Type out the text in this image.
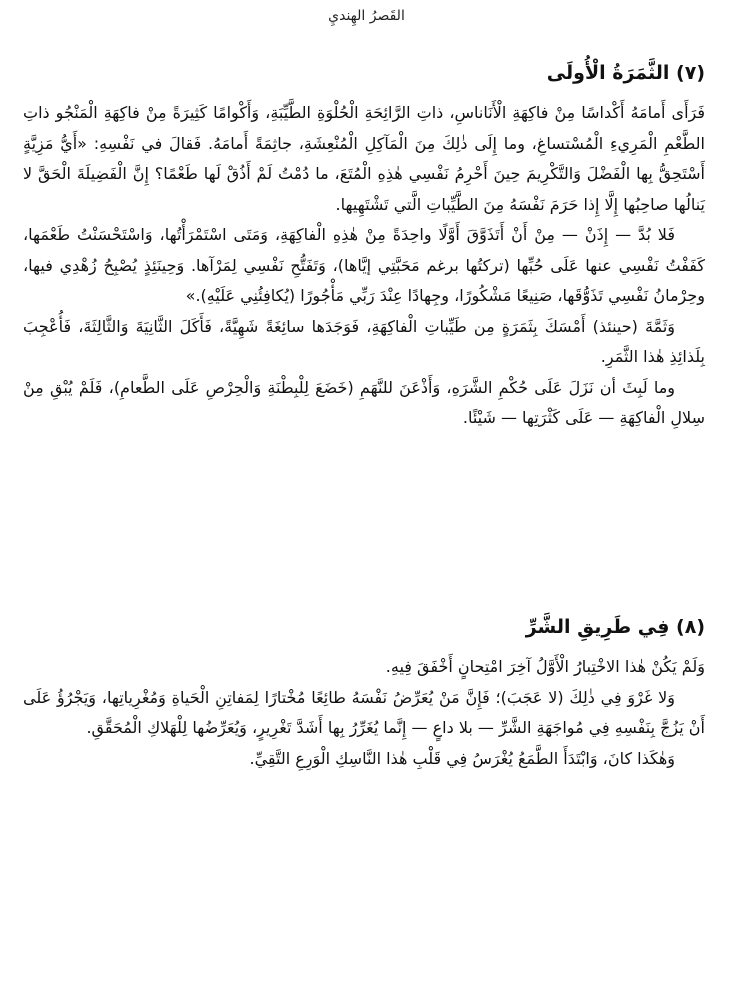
القَصرُ الهِنديِ
(٧) الثَّمَرَةُ الْأُولَى

فَرَأَى أَمامَهُ أَكْداسًا مِنْ فاكِهَةِ الْأَنَاناسِ، ذاتِ الرَّائِحَةِ الْحُلْوَةِ الطَّيِّبَةِ، وَأَكْوامًا كَثِيرَةً مِنْ فاكِهَةِ الْمَنْجُو ذاتِ الطَّعْمِ الْمَرِيءِ الْمُسْتساغِ، وما إِلَى ذٰلِكَ مِنَ الْمَآكِلِ الْمُنْعِشَةِ، جاثِمَةً أَمامَهُ. فَقالَ في نَفْسِهِ: «أَيُّ مَزِيَّةٍ أَسْتَحِقُّ بِها الْفَضْلَ وَالتَّكْرِيمَ حِينَ أَحْرِمُ نَفْسِي هٰذِهِ الْمُتَعَ، ما دُمْتُ لَمْ أَذُقْ لَها طَعْمًا؟ إِنَّ الْفَضِيلَةَ الْحَقَّ لا يَنالُها صاحِبُها إِلَّا إِذا حَرَمَ نَفْسَهُ مِنَ الطَّيِّباتِ الَّتي تَشْتَهِيها.

فَلا بُدَّ — إِذَنْ — مِنْ أَنْ أَتَذَوَّقَ أَوَّلًا واحِدَةً مِنْ هٰذِهِ الْفاكِهَةِ، وَمَتَى اسْتَمْرَأْتُها، وَاسْتَحْسَنْتُ طَعْمَها، كَفَفْتُ نَفْسِي عنها عَلَى حُبِّها (تركتُها برغم مَحَبَّتِي إيَّاها)، وَتَفَتُّحِ نَفْسِي لِمَرْآها. وَحِينَئِذٍ يُصْبِحُ زُهْدِي فيها، وحِرْمانُ نَفْسِي تَذَوُّقَها، صَنِيعًا مَشْكُورًا، وجِهادًا عِنْدَ رَبِّي مَأْجُورًا (يُكافِئُنِي عَلَيْهِ).»

وَثَمَّةَ (حينئذ) أَمْسَكَ بِثَمَرَةٍ مِن طَيِّباتِ الْفاكِهَةِ، فَوَجَدَها سائِغَةً شَهِيَّةً، فَأَكَلَ الثَّانِيَةَ وَالثَّالِثَةَ، فَأُعْجِبَ بِلَذائِذِ هٰذا الثَّمَرِ.

وما لَبِثَ أن نَزَلَ عَلَى حُكْمِ الشَّرَهِ، وَأَذْعَنَ للنَّهَمِ (خَضَعَ لِلْبِطْنَةِ وَالْحِرْصِ عَلَى الطَّعامِ)، فَلَمْ يُبْقِ مِنْ سِلالِ الْفاكِهَةِ — عَلَى كَثْرَتِها — شَيْئًا.

(٨) فِي طَرِيقِ الشَّرِّ

وَلَمْ يَكُنْ هٰذا الاخْتِبارُ الْأَوَّلُ آخِرَ امْتِحانٍ أَخْفَقَ فِيهِ.

وَلا غَرْوَ فِي ذٰلِكَ (لا عَجَبَ)؛ فَإِنَّ مَنْ يُعَرِّضُ نَفْسَهُ طائِعًا مُخْتارًا لِمَفاتِنِ الْحَياةِ وَمُغْرِياتِها، وَيَجْرُؤُ عَلَى أَنْ يَزُجَّ بِنَفْسِهِ فِي مُواجَهَةِ الشَّرِّ — بلا داعٍ — إِنَّما يُغَرِّرُ بِها أَشَدَّ تَغْرِيرٍ، وَيُعَرِّضُها لِلْهَلاكِ الْمُحَقَّقِ.

وَهٰكَذا كانَ، وَابْتَدَأَ الطَّمَعُ يُغْرَسُ فِي قَلْبِ هٰذا النَّاسِكِ الْوَرِعِ التَّقِيِّ.
